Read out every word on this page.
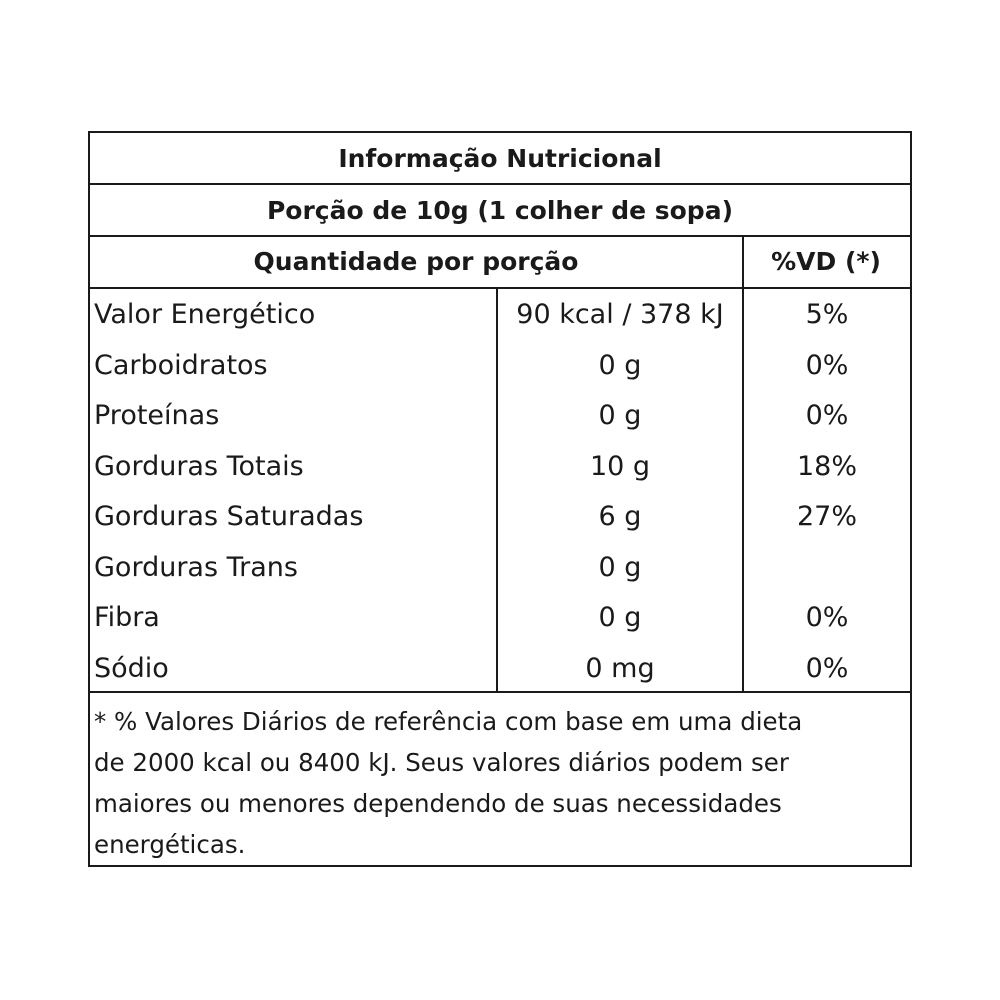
Informação Nutricional
Porção de 10g (1 colher de sopa)
Quantidade por porção	%VD (*)
Valor Energético	90 kcal / 378 kJ	5%
Carboidratos	0 g	0%
Proteínas	0 g	0%
Gorduras Totais	10 g	18%
Gorduras Saturadas	6 g	27%
Gorduras Trans	0 g
Fibra	0 g	0%
Sódio	0 mg	0%
* % Valores Diários de referência com base em uma dieta
de 2000 kcal ou 8400 kJ. Seus valores diários podem ser
maiores ou menores dependendo de suas necessidades
energéticas.
